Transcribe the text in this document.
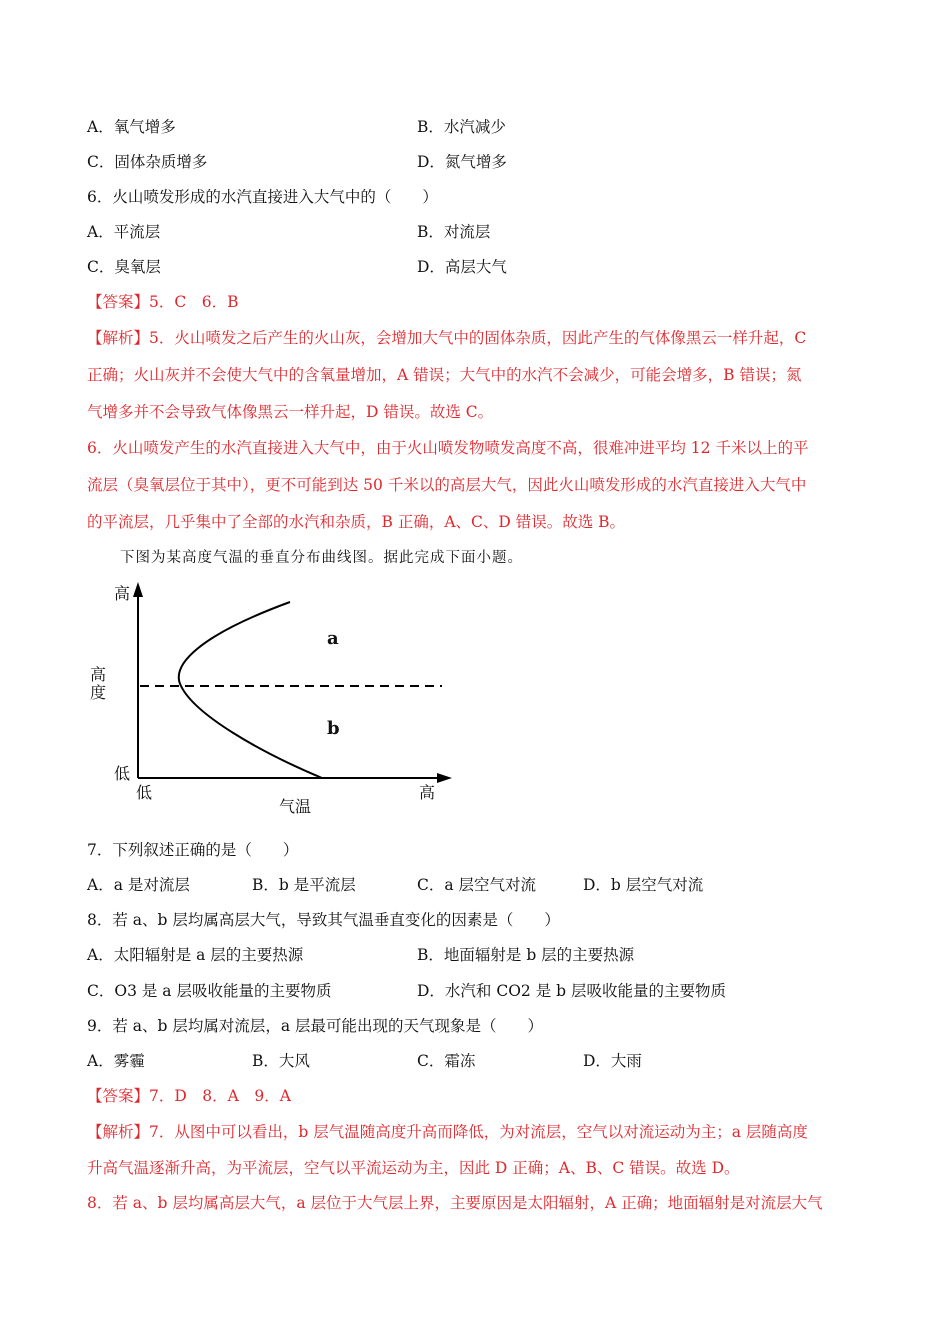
A．氧气增多	B．水汽减少
C．固体杂质增多	D．氮气增多
6．火山喷发形成的水汽直接进入大气中的（　　）
A．平流层	B．对流层
C．臭氧层	D．高层大气
【答案】5．C　6．B
【解析】5．火山喷发之后产生的火山灰，会增加大气中的固体杂质，因此产生的气体像黑云一样升起，C
正确；火山灰并不会使大气中的含氧量增加，A 错误；大气中的水汽不会减少，可能会增多，B 错误；氮
气增多并不会导致气体像黑云一样升起，D 错误。故选 C。
6．火山喷发产生的水汽直接进入大气中，由于火山喷发物喷发高度不高，很难冲进平均 12 千米以上的平
流层（臭氧层位于其中），更不可能到达 50 千米以的高层大气，因此火山喷发形成的水汽直接进入大气中
的平流层，几乎集中了全部的水汽和杂质，B 正确，A、C、D 错误。故选 B。
下图为某高度气温的垂直分布曲线图。据此完成下面小题。
高
高
度
低
低	高
气温
a
b
7．下列叙述正确的是（　　）
A．a 是对流层	B．b 是平流层	C．a 层空气对流	D．b 层空气对流
8．若 a、b 层均属高层大气，导致其气温垂直变化的因素是（　　）
A．太阳辐射是 a 层的主要热源	B．地面辐射是 b 层的主要热源
C．O3 是 a 层吸收能量的主要物质	D．水汽和 CO2 是 b 层吸收能量的主要物质
9．若 a、b 层均属对流层，a 层最可能出现的天气现象是（　　）
A．雾霾	B．大风	C．霜冻	D．大雨
【答案】7．D　8．A　9．A
【解析】7．从图中可以看出，b 层气温随高度升高而降低，为对流层，空气以对流运动为主；a 层随高度
升高气温逐渐升高，为平流层，空气以平流运动为主，因此 D 正确；A、B、C 错误。故选 D。
8．若 a、b 层均属高层大气，a 层位于大气层上界，主要原因是太阳辐射，A 正确；地面辐射是对流层大气
